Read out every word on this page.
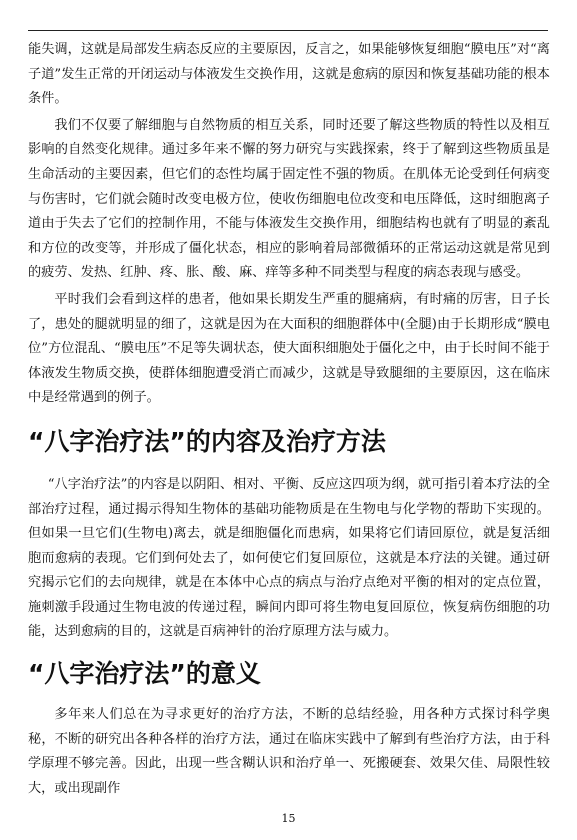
能失调，这就是局部发生病态反应的主要原因，反言之，如果能够恢复细胞“膜电压”对“离子道”发生正常的开闭运动与体液发生交换作用，这就是愈病的原因和恢复基础功能的根本条件。

我们不仅要了解细胞与自然物质的相互关系，同时还要了解这些物质的特性以及相互影响的自然变化规律。通过多年来不懈的努力研究与实践探索，终于了解到这些物质虽是生命活动的主要因素，但它们的态性均属于固定性不强的物质。在肌体无论受到任何病变与伤害时，它们就会随时改变电极方位，使收伤细胞电位改变和电压降低，这时细胞离子道由于失去了它们的控制作用，不能与体液发生交换作用，细胞结构也就有了明显的紊乱和方位的改变等，并形成了僵化状态，相应的影响着局部微循环的正常运动这就是常见到的疲劳、发热、红肿、疼、胀、酸、麻、痒等多种不同类型与程度的病态表现与感受。

平时我们会看到这样的患者，他如果长期发生严重的腿痛病，有时痛的厉害，日子长了，患处的腿就明显的细了，这就是因为在大面积的细胞群体中(全腿)由于长期形成“膜电位”方位混乱、“膜电压”不足等失调状态，使大面积细胞处于僵化之中，由于长时间不能于体液发生物质交换，使群体细胞遭受消亡而减少，这就是导致腿细的主要原因，这在临床中是经常遇到的例子。

“八字治疗法”的内容及治疗方法

“八字治疗法”的内容是以阴阳、相对、平衡、反应这四项为纲，就可指引着本疗法的全部治疗过程，通过揭示得知生物体的基础功能物质是在生物电与化学物的帮助下实现的。但如果一旦它们(生物电)离去，就是细胞僵化而患病，如果将它们请回原位，就是复活细胞而愈病的表现。它们到何处去了，如何使它们复回原位，这就是本疗法的关键。通过研究揭示它们的去向规律，就是在本体中心点的病点与治疗点绝对平衡的相对的定点位置，施刺激手段通过生物电波的传递过程，瞬间内即可将生物电复回原位，恢复病伤细胞的功能，达到愈病的目的，这就是百病神针的治疗原理方法与威力。

“八字治疗法”的意义

多年来人们总在为寻求更好的治疗方法，不断的总结经验，用各种方式探讨科学奥秘，不断的研究出各种各样的治疗方法，通过在临床实践中了解到有些治疗方法，由于科学原理不够完善。因此，出现一些含糊认识和治疗单一、死搬硬套、效果欠佳、局限性较大，或出现副作

15
